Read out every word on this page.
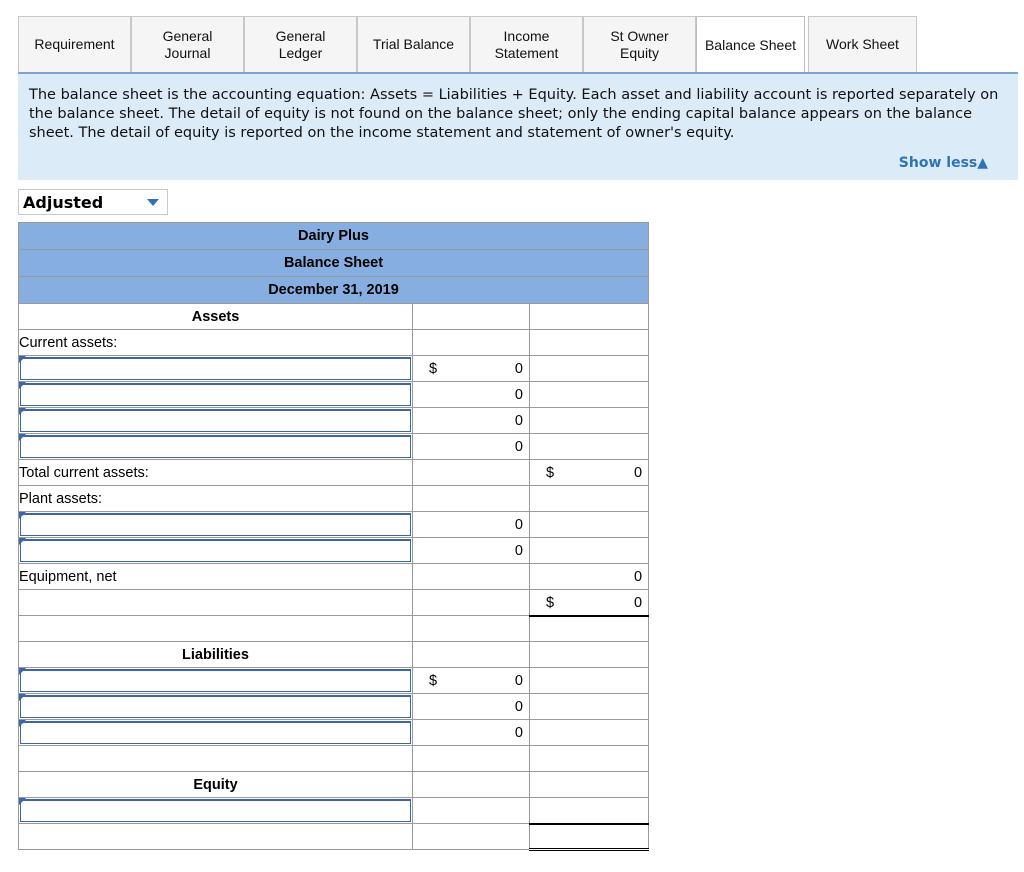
Requirement
General
Journal
General
Ledger
Trial Balance
Income
Statement
St Owner
Equity	Balance Sheet Work Sheet

The balance sheet is the accounting equation: Assets = Liabilities + Equity. Each asset and liability account is reported separately on the balance sheet. The detail of equity is not found on the balance sheet; only the ending capital balance appears on the balance sheet. The detail of equity is reported on the income statement and statement of owner's equity.

Show less▲
Adjusted
Dairy Plus		
Balance Sheet		
December 31, 2019		
Assets		
Current assets:		

	$ 0	

	0	

	0	

	0	

Total current assets:		$ 0

Plant assets:		

	0	

	0	

Equipment, net		0

		$ 0

Liabilities		

	$ 0	

	0	

	0	

Equity		
